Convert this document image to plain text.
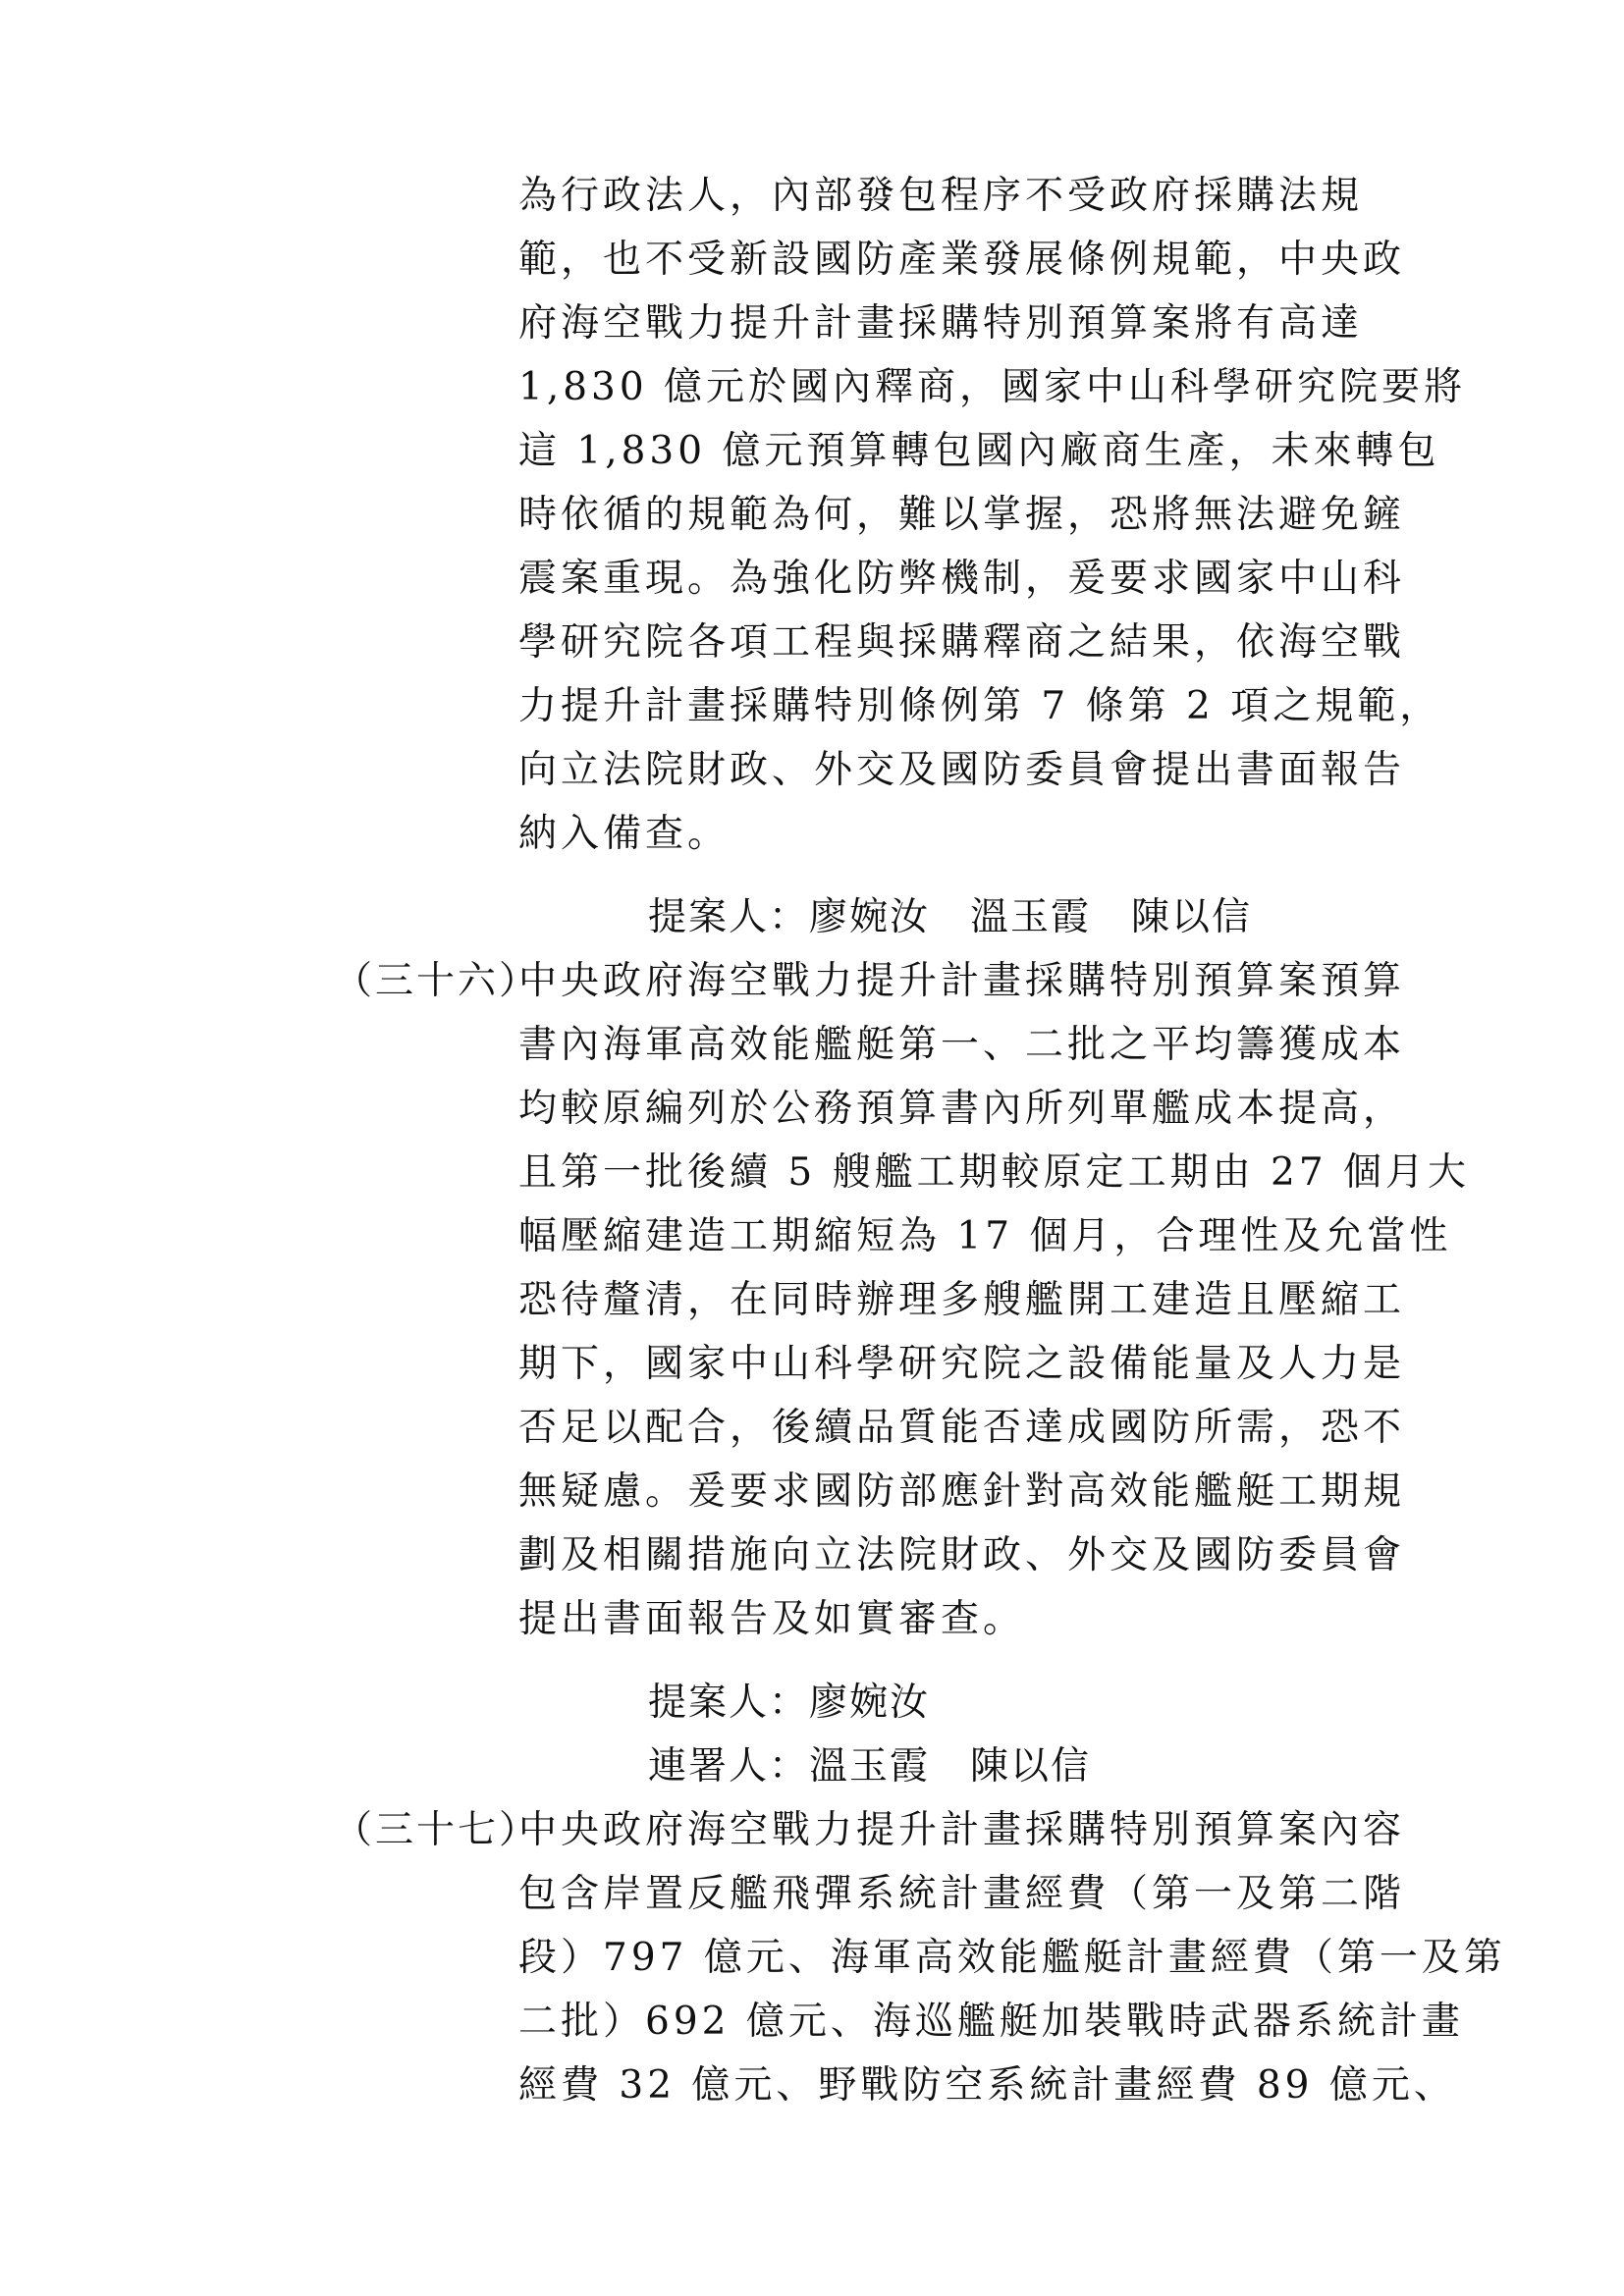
為行政法人，內部發包程序不受政府採購法規
範，也不受新設國防產業發展條例規範，中央政
府海空戰力提升計畫採購特別預算案將有高達
1,830 億元於國內釋商，國家中山科學研究院要將
這 1,830 億元預算轉包國內廠商生產，未來轉包
時依循的規範為何，難以掌握，恐將無法避免鏟
震案重現。為強化防弊機制，爰要求國家中山科
學研究院各項工程與採購釋商之結果，依海空戰
力提升計畫採購特別條例第 7 條第 2 項之規範，
向立法院財政、外交及國防委員會提出書面報告
納入備查。
提案人：廖婉汝　溫玉霞　陳以信
（三十六）
中央政府海空戰力提升計畫採購特別預算案預算
書內海軍高效能艦艇第一、二批之平均籌獲成本
均較原編列於公務預算書內所列單艦成本提高，
且第一批後續 5 艘艦工期較原定工期由 27 個月大
幅壓縮建造工期縮短為 17 個月，合理性及允當性
恐待釐清，在同時辦理多艘艦開工建造且壓縮工
期下，國家中山科學研究院之設備能量及人力是
否足以配合，後續品質能否達成國防所需，恐不
無疑慮。爰要求國防部應針對高效能艦艇工期規
劃及相關措施向立法院財政、外交及國防委員會
提出書面報告及如實審查。
提案人：廖婉汝
連署人：溫玉霞　陳以信
（三十七）
中央政府海空戰力提升計畫採購特別預算案內容
包含岸置反艦飛彈系統計畫經費（第一及第二階
段）797 億元、海軍高效能艦艇計畫經費（第一及第
二批）692 億元、海巡艦艇加裝戰時武器系統計畫
經費 32 億元、野戰防空系統計畫經費 89 億元、
